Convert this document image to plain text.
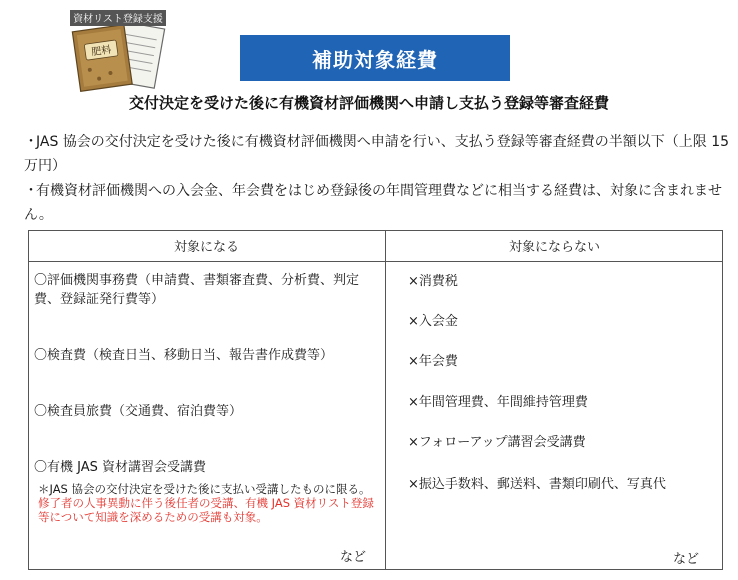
肥料
資材リスト登録支援
補助対象経費
交付決定を受けた後に有機資材評価機関へ申請し支払う登録等審査経費
・JAS 協会の交付決定を受けた後に有機資材評価機関へ申請を行い、支払う登録等審査経費の半額以下（上限 15 万円）
・有機資材評価機関への入会金、年会費をはじめ登録後の年間管理費などに相当する経費は、対象に含まれません。
対象になる	対象にならない
〇評価機関事務費（申請費、書類審査費、分析費、判定費、登録証発行費等）
〇検査費（検査日当、移動日当、報告書作成費等）
〇検査員旅費（交通費、宿泊費等）
〇有機 JAS 資材講習会受講費
＊JAS 協会の交付決定を受けた後に支払い受講したものに限る。修了者の人事異動に伴う後任者の受講、有機 JAS 資材リスト登録等について知識を深めるための受講も対象。
など
×消費税
×入会金
×年会費
×年間管理費、年間維持管理費
×フォローアップ講習会受講費
×振込手数料、郵送料、書類印刷代、写真代
など
